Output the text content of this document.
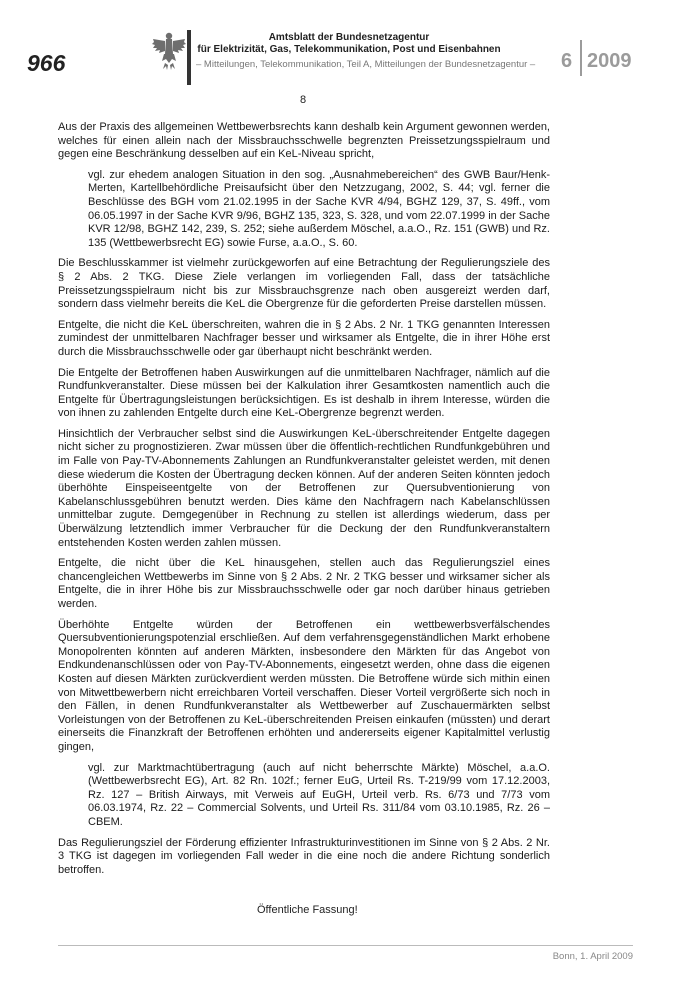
966
Amtsblatt der Bundesnetzagentur
für Elektrizität, Gas, Telekommunikation, Post und Eisenbahnen
– Mitteilungen, Telekommunikation, Teil A, Mitteilungen der Bundesnetzagentur – 6 2009
8

Aus der Praxis des allgemeinen Wettbewerbsrechts kann deshalb kein Argument gewonnen werden, welches für einen allein nach der Missbrauchsschwelle begrenzten Preissetzungsspielraum und gegen eine Beschränkung desselben auf ein KeL-Niveau spricht,

vgl. zur ehedem analogen Situation in den sog. „Ausnahmebereichen“ des GWB Baur/Henk-Merten, Kartellbehördliche Preisaufsicht über den Netzzugang, 2002, S. 44; vgl. ferner die Beschlüsse des BGH vom 21.02.1995 in der Sache KVR 4/94, BGHZ 129, 37, S. 49ff., vom 06.05.1997 in der Sache KVR 9/96, BGHZ 135, 323, S. 328, und vom 22.07.1999 in der Sache KVR 12/98, BGHZ 142, 239, S. 252; siehe außerdem Möschel, a.a.O., Rz. 151 (GWB) und Rz. 135 (Wettbewerbsrecht EG) sowie Furse, a.a.O., S. 60.

Die Beschlusskammer ist vielmehr zurückgeworfen auf eine Betrachtung der Regulierungsziele des § 2 Abs. 2 TKG. Diese Ziele verlangen im vorliegenden Fall, dass der tatsächliche Preissetzungsspielraum nicht bis zur Missbrauchsgrenze nach oben ausgereizt werden darf, sondern dass vielmehr bereits die KeL die Obergrenze für die geforderten Preise darstellen müssen.

Entgelte, die nicht die KeL überschreiten, wahren die in § 2 Abs. 2 Nr. 1 TKG genannten Interessen zumindest der unmittelbaren Nachfrager besser und wirksamer als Entgelte, die in ihrer Höhe erst durch die Missbrauchsschwelle oder gar überhaupt nicht beschränkt werden.

Die Entgelte der Betroffenen haben Auswirkungen auf die unmittelbaren Nachfrager, nämlich auf die Rundfunkveranstalter. Diese müssen bei der Kalkulation ihrer Gesamtkosten namentlich auch die Entgelte für Übertragungsleistungen berücksichtigen. Es ist deshalb in ihrem Interesse, würden die von ihnen zu zahlenden Entgelte durch eine KeL-Obergrenze begrenzt werden.

Hinsichtlich der Verbraucher selbst sind die Auswirkungen KeL-überschreitender Entgelte dagegen nicht sicher zu prognostizieren. Zwar müssen über die öffentlich-rechtlichen Rundfunkgebühren und im Falle von Pay-TV-Abonnements Zahlungen an Rundfunkveranstalter geleistet werden, mit denen diese wiederum die Kosten der Übertragung decken können. Auf der anderen Seiten könnten jedoch überhöhte Einspeiseentgelte von der Betroffenen zur Quersubventionierung von Kabelanschlussgebühren benutzt werden. Dies käme den Nachfragern nach Kabelanschlüssen unmittelbar zugute. Demgegenüber in Rechnung zu stellen ist allerdings wiederum, dass per Überwälzung letztendlich immer Verbraucher für die Deckung der den Rundfunkveranstaltern entstehenden Kosten werden zahlen müssen.

Entgelte, die nicht über die KeL hinausgehen, stellen auch das Regulierungsziel eines chancengleichen Wettbewerbs im Sinne von § 2 Abs. 2 Nr. 2 TKG besser und wirksamer sicher als Entgelte, die in ihrer Höhe bis zur Missbrauchsschwelle oder gar noch darüber hinaus getrieben werden.

Überhöhte Entgelte würden der Betroffenen ein wettbewerbsverfälschendes Quersubventionierungspotenzial erschließen. Auf dem verfahrensgegenständlichen Markt erhobene Monopolrenten könnten auf anderen Märkten, insbesondere den Märkten für das Angebot von Endkundenanschlüssen oder von Pay-TV-Abonnements, eingesetzt werden, ohne dass die eigenen Kosten auf diesen Märkten zurückverdient werden müssten. Die Betroffene würde sich mithin einen von Mitwettbewerbern nicht erreichbaren Vorteil verschaffen. Dieser Vorteil vergrößerte sich noch in den Fällen, in denen Rundfunkveranstalter als Wettbewerber auf Zuschauermärkten selbst Vorleistungen von der Betroffenen zu KeL-überschreitenden Preisen einkaufen (müssten) und derart einerseits die Finanzkraft der Betroffenen erhöhten und andererseits eigener Kapitalmittel verlustig gingen,

vgl. zur Marktmachtübertragung (auch auf nicht beherrschte Märkte) Möschel, a.a.O. (Wettbewerbsrecht EG), Art. 82 Rn. 102f.; ferner EuG, Urteil Rs. T-219/99 vom 17.12.2003, Rz. 127 – British Airways, mit Verweis auf EuGH, Urteil verb. Rs. 6/73 und 7/73 vom 06.03.1974, Rz. 22 – Commercial Solvents, und Urteil Rs. 311/84 vom 03.10.1985, Rz. 26 – CBEM.

Das Regulierungsziel der Förderung effizienter Infrastrukturinvestitionen im Sinne von § 2 Abs. 2 Nr. 3 TKG ist dagegen im vorliegenden Fall weder in die eine noch die andere Richtung sonderlich betroffen.

Öffentliche Fassung!
Bonn, 1. April 2009
